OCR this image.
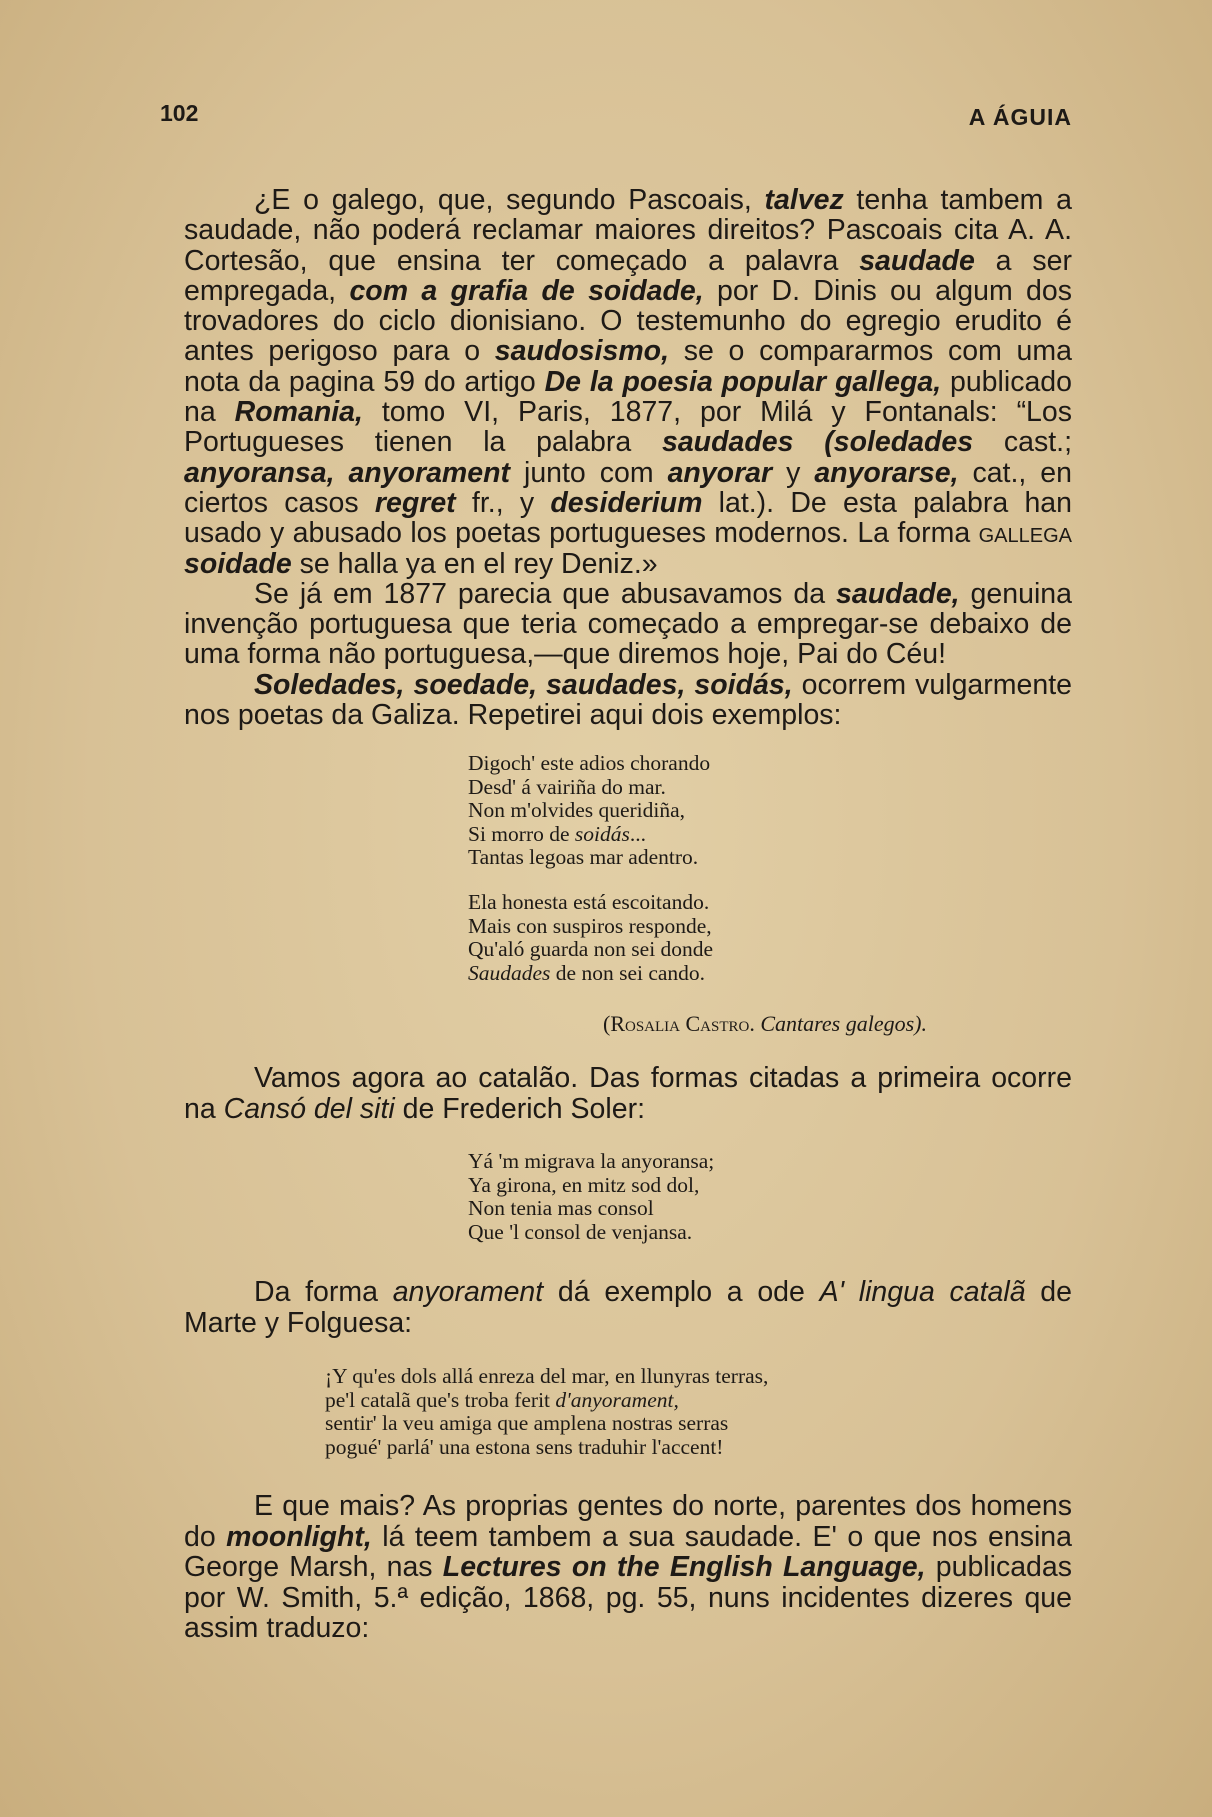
102	A ÁGUIA

¿E o galego, que, segundo Pascoais, talvez tenha tambem a saudade, não poderá reclamar maiores direitos? Pascoais cita A. A. Cortesão, que ensina ter começado a palavra saudade a ser empregada, com a grafia de soidade, por D. Dinis ou algum dos trovadores do ciclo dionisiano. O testemunho do egregio erudito é antes perigoso para o saudosismo, se o compararmos com uma nota da pagina 59 do artigo De la poesia popular gallega, publicado na Romania, tomo VI, Paris, 1877, por Milá y Fontanals: “Los Portugueses tienen la palabra saudades (soledades cast.; anyoransa, anyorament junto com anyorar y anyorarse, cat., en ciertos casos regret fr., y desiderium lat.). De esta palabra han usado y abusado los poetas portugueses modernos. La forma gallega soidade se halla ya en el rey Deniz.»

Se já em 1877 parecia que abusavamos da saudade, genuina invenção portuguesa que teria começado a empregar-se debaixo de uma forma não portuguesa,—que diremos hoje, Pai do Céu!

Soledades, soedade, saudades, soidás, ocorrem vulgarmente nos poetas da Galiza. Repetirei aqui dois exemplos:

Digoch' este adios chorando
Desd' á vairiña do mar.
Non m'olvides queridiña,
Si morro de soidás...
Tantas legoas mar adentro.
Ela honesta está escoitando.
Mais con suspiros responde,
Qu'aló guarda non sei donde
Saudades de non sei cando.
(Rosalia Castro. Cantares galegos).

Vamos agora ao catalão. Das formas citadas a primeira ocorre na Cansó del siti de Frederich Soler:

Yá 'm migrava la anyoransa;
Ya girona, en mitz sod dol,
Non tenia mas consol
Que 'l consol de venjansa.

Da forma anyorament dá exemplo a ode A' lingua catalã de Marte y Folguesa:

¡Y qu'es dols allá enreza del mar, en llunyras terras,
pe'l catalã que's troba ferit d'anyorament,
sentir' la veu amiga que amplena nostras serras
pogué' parlá' una estona sens traduhir l'accent!

E que mais? As proprias gentes do norte, parentes dos homens do moonlight, lá teem tambem a sua saudade. E' o que nos ensina George Marsh, nas Lectures on the English Language, publicadas por W. Smith, 5.ª edição, 1868, pg. 55, nuns incidentes dizeres que assim traduzo:
